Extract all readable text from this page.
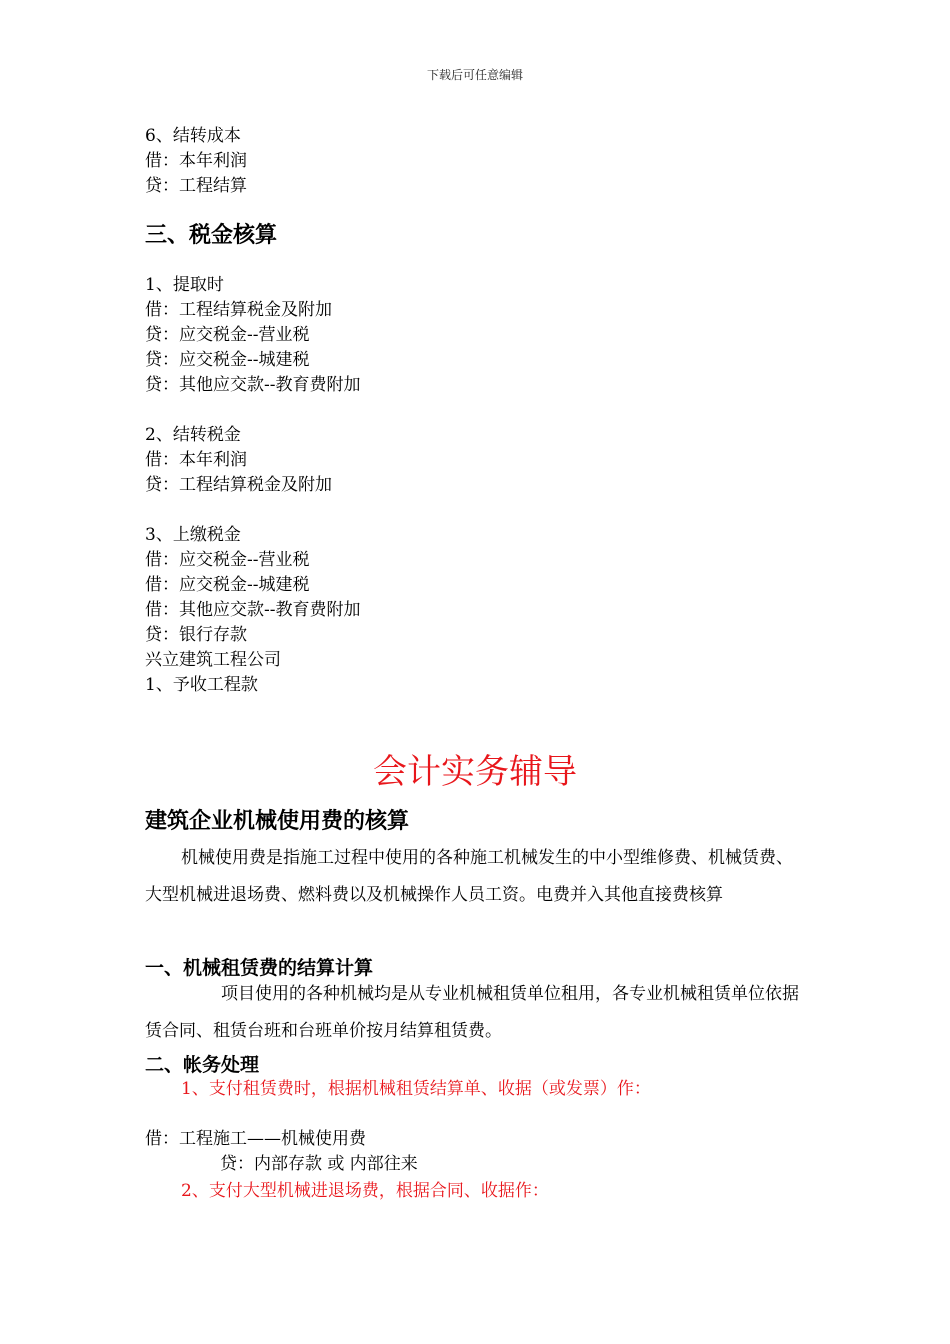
下载后可任意编辑
6、结转成本
借：本年利润
贷：工程结算
三、税金核算
1、提取时
借：工程结算税金及附加
贷：应交税金--营业税
贷：应交税金--城建税
贷：其他应交款--教育费附加
2、结转税金
借：本年利润
贷：工程结算税金及附加
3、上缴税金
借：应交税金--营业税
借：应交税金--城建税
借：其他应交款--教育费附加
贷：银行存款
兴立建筑工程公司
1、予收工程款
会计实务辅导
建筑企业机械使用费的核算
机械使用费是指施工过程中使用的各种施工机械发生的中小型维修费、机械赁费、大型机械进退场费、燃料费以及机械操作人员工资。电费并入其他直接费核算
一、机械租赁费的结算计算
项目使用的各种机械均是从专业机械租赁单位租用，各专业机械租赁单位依据赁合同、租赁台班和台班单价按月结算租赁费。
二、帐务处理
1、支付租赁费时，根据机械租赁结算单、收据（或发票）作：
借：工程施工——机械使用费
贷：内部存款 或 内部往来
2、支付大型机械进退场费，根据合同、收据作：
